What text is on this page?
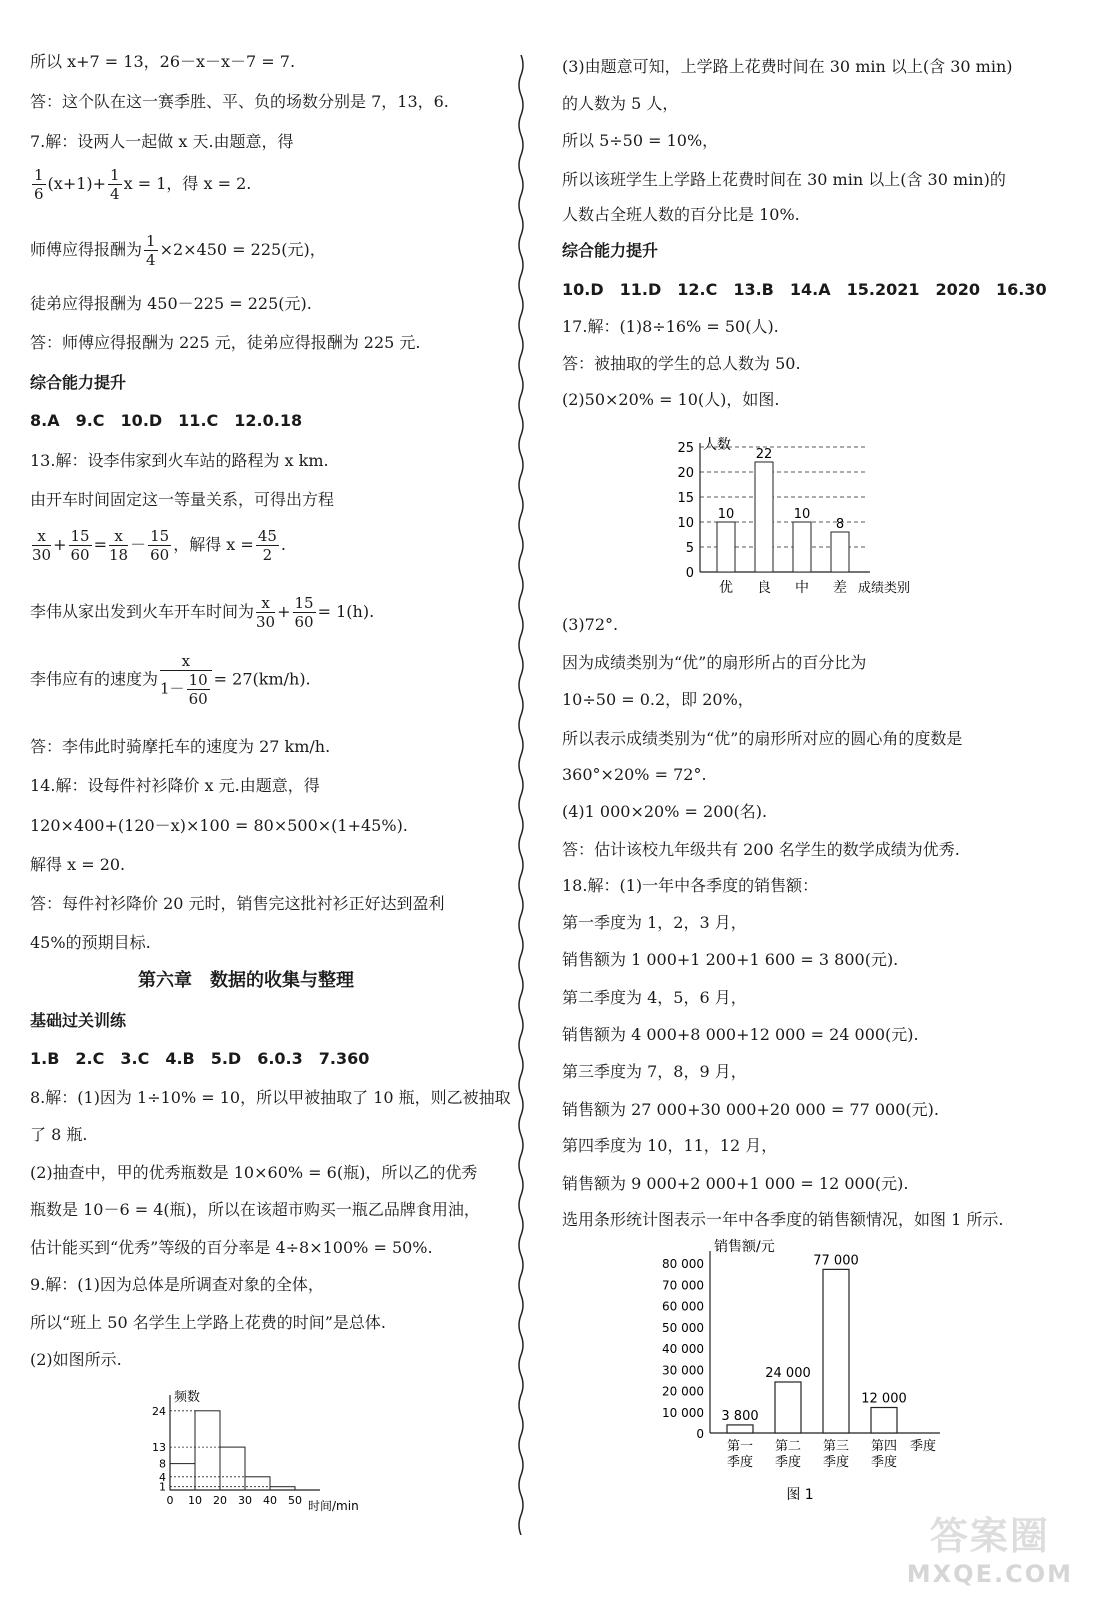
所以 x+7 = 13，26－x－x－7 = 7.
答：这个队在这一赛季胜、平、负的场数分别是 7，13，6.
7.解：设两人一起做 x 天.由题意，得
$\frac{1}{6} (x+1)+ \frac{1}{4}$ x = 1，得 x = 2.
师傅应得报酬为 $\frac{1}{4} \times 2\times 450 = 225$(元)，
徒弟应得报酬为 450－225 = 225(元).
答：师傅应得报酬为 225 元，徒弟应得报酬为 225 元.
综合能力提升
8.A　9.C　10.D　11.C　12.0.18
13.解：设李伟家到火车站的路程为 x km.
由开车时间固定这一等量关系，可得出方程
$\frac{x}{30} + \frac{15}{60} = \frac{x}{18} - \frac{15}{60}$ ，解得 $x = \frac{45}{2}$ .
李伟从家出发到火车开车时间为 $\frac{x}{30} + \frac{15}{60} = 1(h)$.
李伟应有的速度为 $\frac{x}{1- \frac{10}{60}} = 27(km/h)$.
答：李伟此时骑摩托车的速度为 27 km/h.
14.解：设每件衬衫降价 x 元.由题意，得
120×400+(120－x)×100 = 80×500×(1+45%).
解得 x = 20.
答：每件衬衫降价 20 元时，销售完这批衬衫正好达到盈利
45%的预期目标.
第六章　数据的收集与整理
基础过关训练
1.B　2.C　3.C　4.B　5.D　6.0.3　7.360
8.解：(1)因为 1÷10% = 10，所以甲被抽取了 10 瓶，则乙被抽取
了 8 瓶.
(2)抽查中，甲的优秀瓶数是 10×60% = 6(瓶)，所以乙的优秀
瓶数是 10－6 = 4(瓶)，所以在该超市购买一瓶乙品牌食用油，
估计能买到“优秀”等级的百分率是 4÷8×100% = 50%.
9.解：(1)因为总体是所调查对象的全体，
所以“班上 50 名学生上学路上花费的时间”是总体.
(2)如图所示.
频数
时间/min
0 10 20 30 40 50
1
4
8
13
24
(3)由题意可知，上学路上花费时间在 30 min 以上(含 30 min)
的人数为 5 人，
所以 5÷50 = 10%，
所以该班学生上学路上花费时间在 30 min 以上(含 30 min)的
人数占全班人数的百分比是 10%.
综合能力提升
10.D　11.D　12.C　13.B　14.A　15.2021　2020　16.30
17.解：(1)8÷16% = 50(人).
答：被抽取的学生的总人数为 50.
(2)50×20% = 10(人)，如图.
0
5
10
15
20
25 人数
成绩类别
10
优
22
良
10
中
8
差
(3)72°.
因为成绩类别为“优”的扇形所占的百分比为
10÷50 = 0.2，即 20%，
所以表示成绩类别为“优”的扇形所对应的圆心角的度数是
360°×20% = 72°.
(4)1 000×20% = 200(名).
答：估计该校九年级共有 200 名学生的数学成绩为优秀.
18.解：(1)一年中各季度的销售额：
第一季度为 1，2，3 月，
销售额为 1 000+1 200+1 600 = 3 800(元).
第二季度为 4，5，6 月，
销售额为 4 000+8 000+12 000 = 24 000(元).
第三季度为 7，8，9 月，
销售额为 27 000+30 000+20 000 = 77 000(元).
第四季度为 10，11，12 月，
销售额为 9 000+2 000+1 000 = 12 000(元).
选用条形统计图表示一年中各季度的销售额情况，如图 1 所示.
销售额/元
季度
0
10 000
20 000
30 000
40 000
50 000
60 000
70 000
80 000
3 800
第一
季度
24 000
第二
季度
77 000
第三
季度
12 000
第四
季度
图 1
答案圈
MXQE.COM
